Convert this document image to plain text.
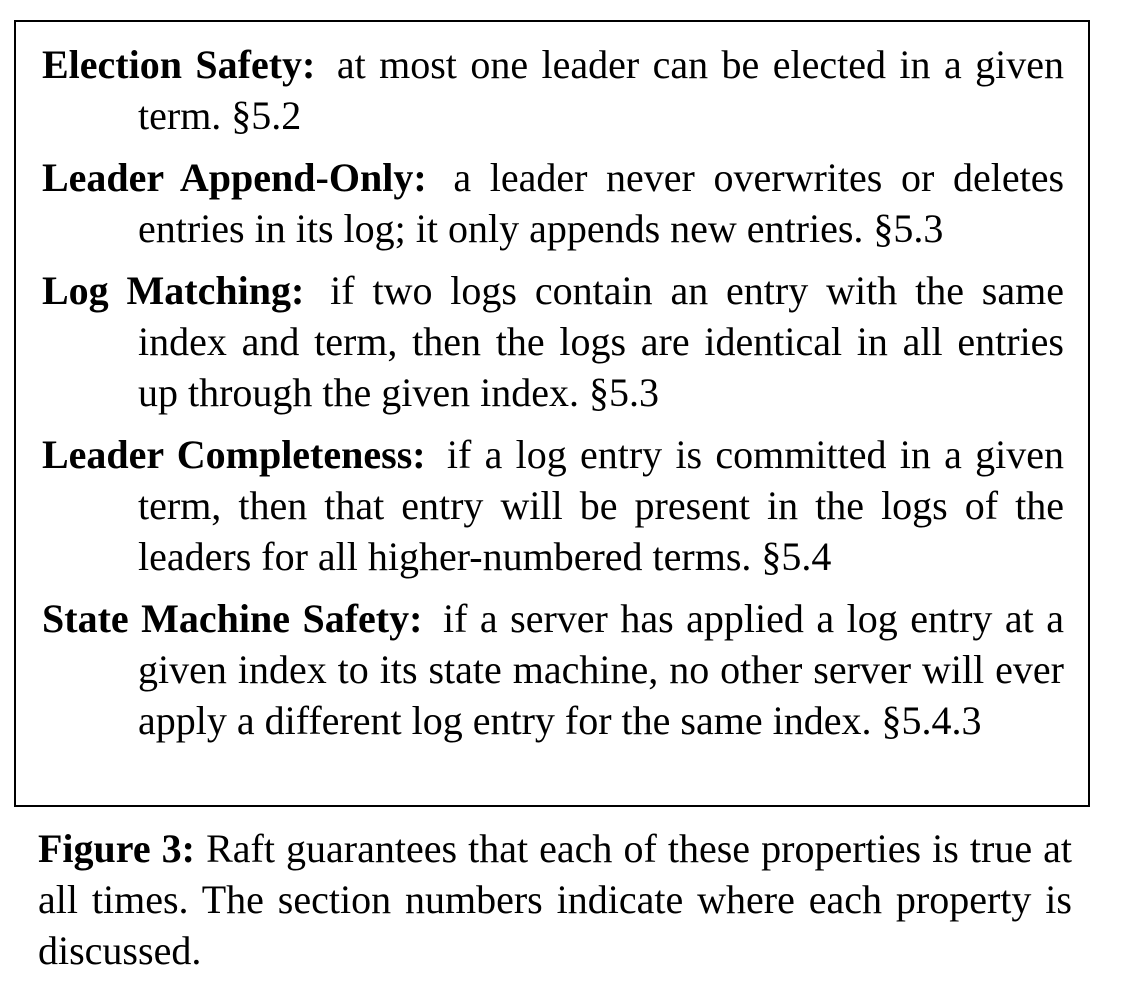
Election Safety: at most one leader can be elected in a given term. §5.2

Leader Append-Only: a leader never overwrites or deletes entries in its log; it only appends new entries. §5.3

Log Matching: if two logs contain an entry with the same index and term, then the logs are identical in all entries up through the given index. §5.3

Leader Completeness: if a log entry is committed in a given term, then that entry will be present in the logs of the leaders for all higher-numbered terms. §5.4

State Machine Safety: if a server has applied a log entry at a given index to its state machine, no other server will ever apply a different log entry for the same index. §5.4.3

Figure 3: Raft guarantees that each of these properties is true at all times. The section numbers indicate where each property is discussed.
